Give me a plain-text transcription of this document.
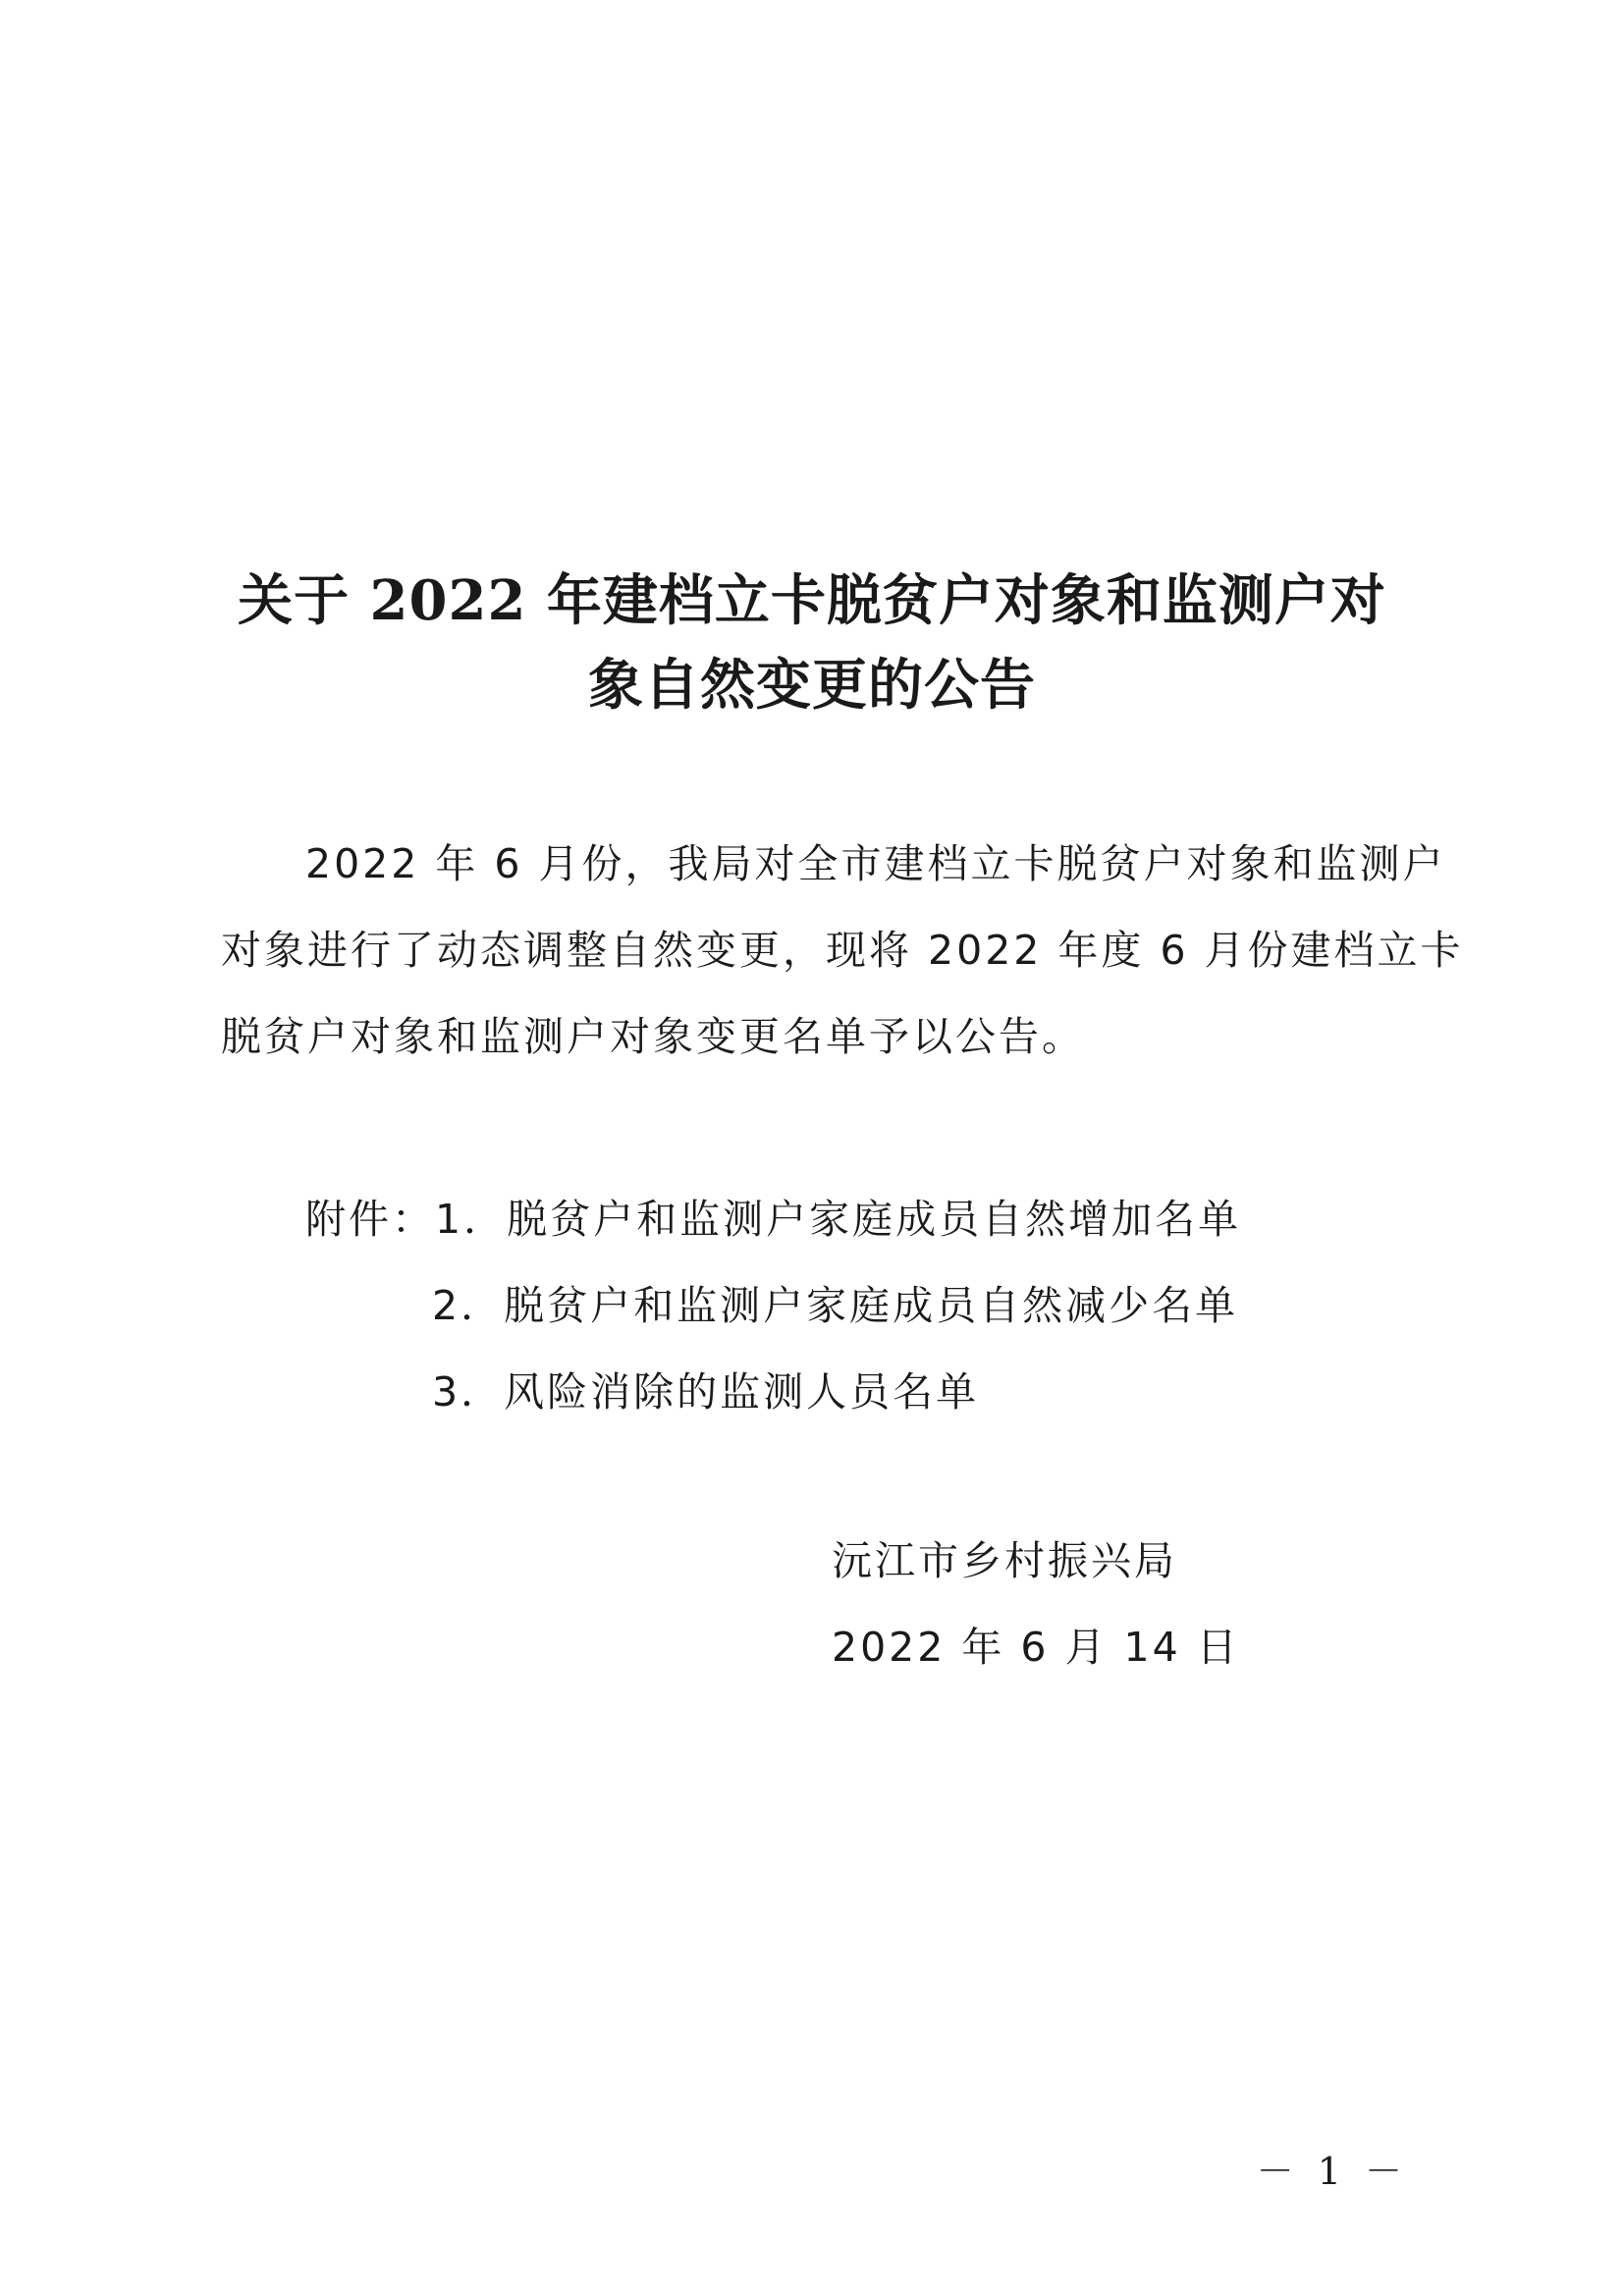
关于 2022 年建档立卡脱贫户对象和监测户对
象自然变更的公告

2022 年 6 月份，我局对全市建档立卡脱贫户对象和监测户

对象进行了动态调整自然变更，现将 2022 年度 6 月份建档立卡

脱贫户对象和监测户对象变更名单予以公告。

附件：1．脱贫户和监测户家庭成员自然增加名单

2．脱贫户和监测户家庭成员自然减少名单

3．风险消除的监测人员名单

沅江市乡村振兴局

2022 年 6 月 14 日

－ 1 －
